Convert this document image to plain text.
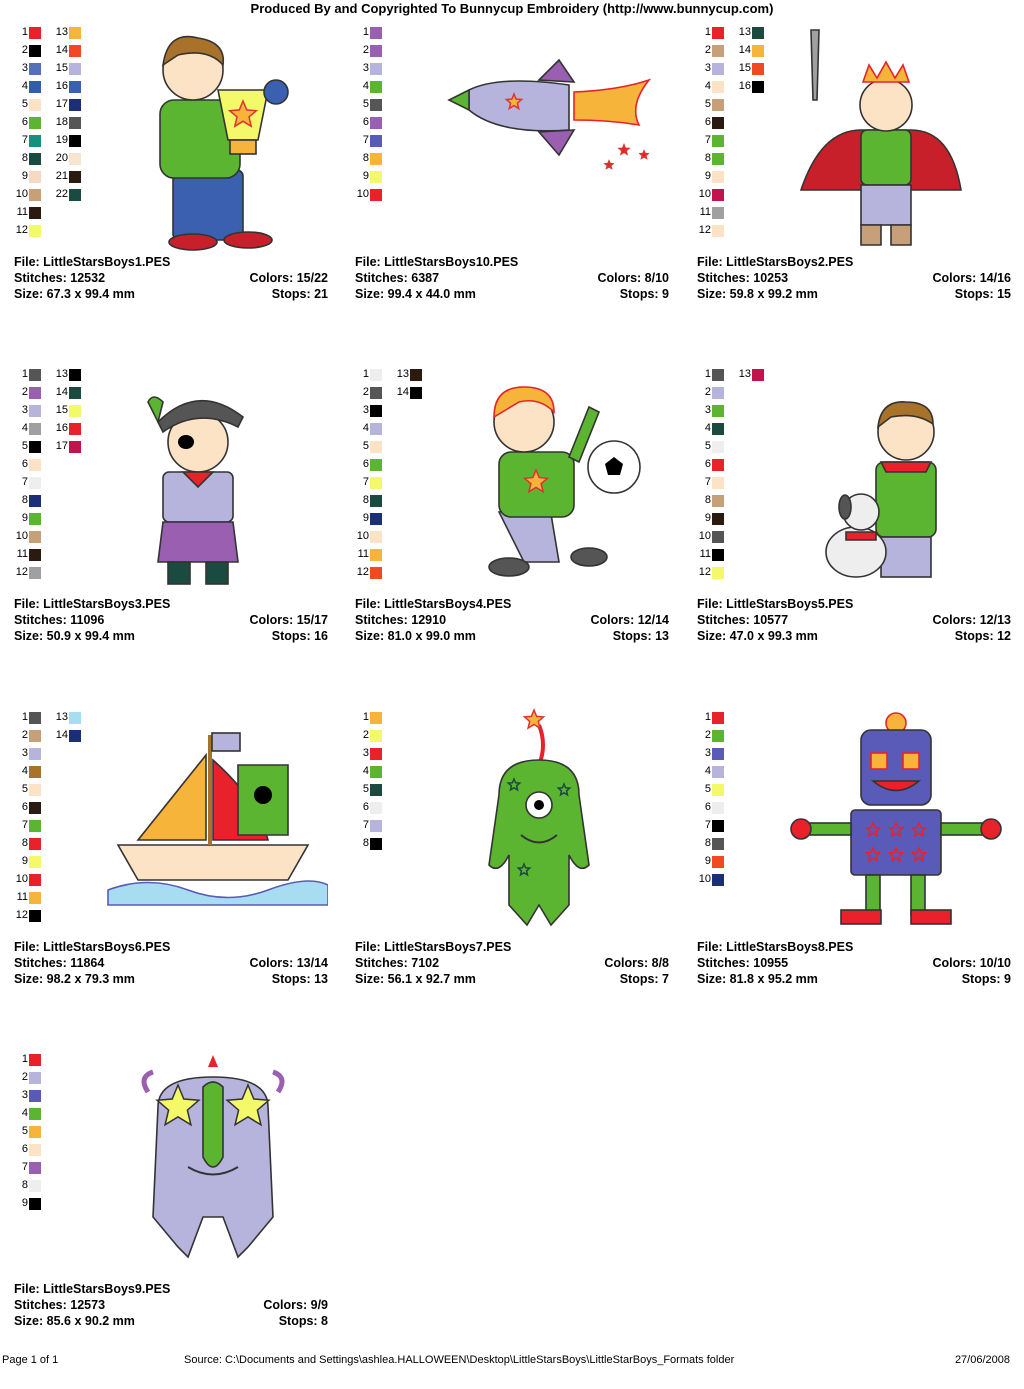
Produced By and Copyrighted To Bunnycup Embroidery (http://www.bunnycup.com)
1
2
3
4
5
6
7
8
9
10
11
12
13
14
15
16
17
18
19
20
21
22
File: LittleStarsBoys1.PES
Stitches: 12532	Colors: 15/22
Size: 67.3 x 99.4 mm	Stops: 21
1
2
3
4
5
6
7
8
9
10
File: LittleStarsBoys10.PES
Stitches: 6387	Colors: 8/10
Size: 99.4 x 44.0 mm	Stops: 9
1
2
3
4
5
6
7
8
9
10
11
12
13
14
15
16
File: LittleStarsBoys2.PES
Stitches: 10253	Colors: 14/16
Size: 59.8 x 99.2 mm	Stops: 15
1
2
3
4
5
6
7
8
9
10
11
12
13
14
15
16
17
File: LittleStarsBoys3.PES
Stitches: 11096	Colors: 15/17
Size: 50.9 x 99.4 mm	Stops: 16
1
2
3
4
5
6
7
8
9
10
11
12
13
14
File: LittleStarsBoys4.PES
Stitches: 12910	Colors: 12/14
Size: 81.0 x 99.0 mm	Stops: 13
1
2
3
4
5
6
7
8
9
10
11
12
13
File: LittleStarsBoys5.PES
Stitches: 10577	Colors: 12/13
Size: 47.0 x 99.3 mm	Stops: 12
1
2
3
4
5
6
7
8
9
10
11
12
13
14
File: LittleStarsBoys6.PES
Stitches: 11864	Colors: 13/14
Size: 98.2 x 79.3 mm	Stops: 13
1
2
3
4
5
6
7
8
File: LittleStarsBoys7.PES
Stitches: 7102	Colors: 8/8
Size: 56.1 x 92.7 mm	Stops: 7
1
2
3
4
5
6
7
8
9
10
File: LittleStarsBoys8.PES
Stitches: 10955	Colors: 10/10
Size: 81.8 x 95.2 mm	Stops: 9
1
2
3
4
5
6
7
8
9
File: LittleStarsBoys9.PES
Stitches: 12573	Colors: 9/9
Size: 85.6 x 90.2 mm	Stops: 8
Page 1 of 1	Source: C:\Documents and Settings\ashlea.HALLOWEEN\Desktop\LittleStarsBoys\LittleStarBoys_Formats folder	27/06/2008
